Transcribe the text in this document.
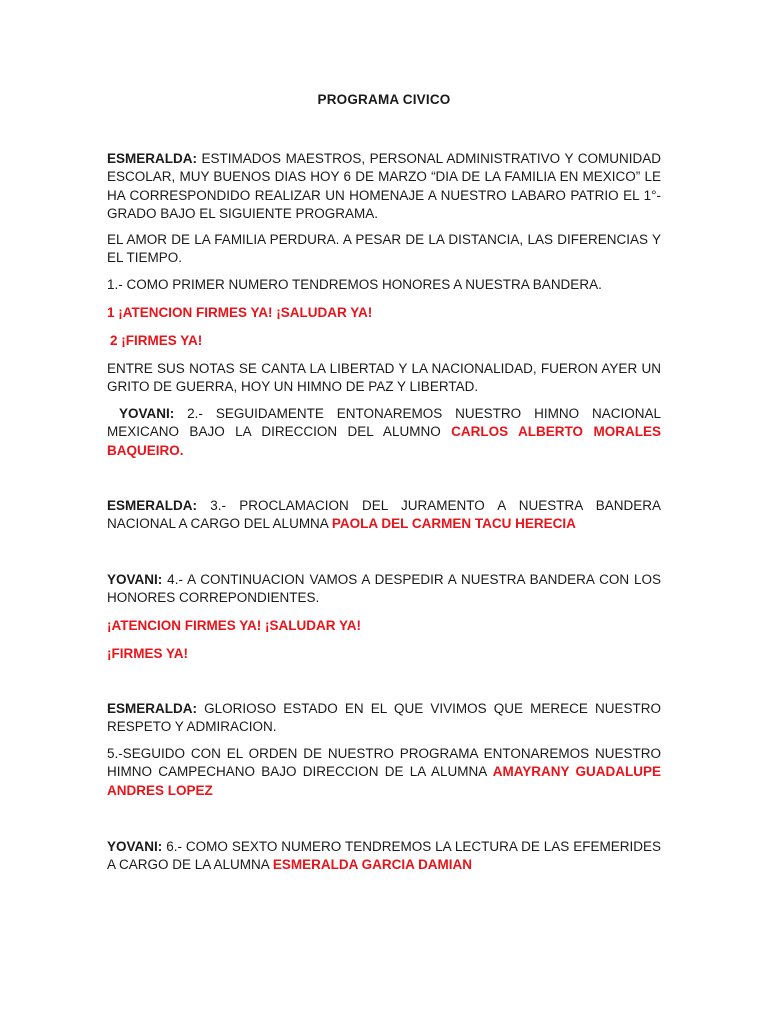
PROGRAMA CIVICO
ESMERALDA: ESTIMADOS MAESTROS, PERSONAL ADMINISTRATIVO Y COMUNIDAD ESCOLAR, MUY BUENOS DIAS HOY 6 DE MARZO “DIA DE LA FAMILIA EN MEXICO” LE HA CORRESPONDIDO REALIZAR UN HOMENAJE A NUESTRO LABARO PATRIO EL 1°- GRADO BAJO EL SIGUIENTE PROGRAMA.
EL AMOR DE LA FAMILIA PERDURA. A PESAR DE LA DISTANCIA, LAS DIFERENCIAS Y EL TIEMPO.
1.- COMO PRIMER NUMERO TENDREMOS HONORES A NUESTRA BANDERA.
1 ¡ATENCION FIRMES YA! ¡SALUDAR YA!
2 ¡FIRMES YA!
ENTRE SUS NOTAS SE CANTA LA LIBERTAD Y LA NACIONALIDAD, FUERON AYER UN GRITO DE GUERRA, HOY UN HIMNO DE PAZ Y LIBERTAD.
YOVANI: 2.- SEGUIDAMENTE ENTONAREMOS NUESTRO HIMNO NACIONAL MEXICANO BAJO LA DIRECCION DEL ALUMNO CARLOS ALBERTO MORALES BAQUEIRO.
ESMERALDA: 3.- PROCLAMACION DEL JURAMENTO A NUESTRA BANDERA NACIONAL A CARGO DEL ALUMNA PAOLA DEL CARMEN TACU HERECIA
YOVANI: 4.- A CONTINUACION VAMOS A DESPEDIR A NUESTRA BANDERA CON LOS HONORES CORREPONDIENTES.
¡ATENCION FIRMES YA! ¡SALUDAR YA!
¡FIRMES YA!
ESMERALDA: GLORIOSO ESTADO EN EL QUE VIVIMOS QUE MERECE NUESTRO RESPETO Y ADMIRACION.
5.-SEGUIDO CON EL ORDEN DE NUESTRO PROGRAMA ENTONAREMOS NUESTRO HIMNO CAMPECHANO BAJO DIRECCION DE LA ALUMNA AMAYRANY GUADALUPE ANDRES LOPEZ
YOVANI: 6.- COMO SEXTO NUMERO TENDREMOS LA LECTURA DE LAS EFEMERIDES A CARGO DE LA ALUMNA ESMERALDA GARCIA DAMIAN
